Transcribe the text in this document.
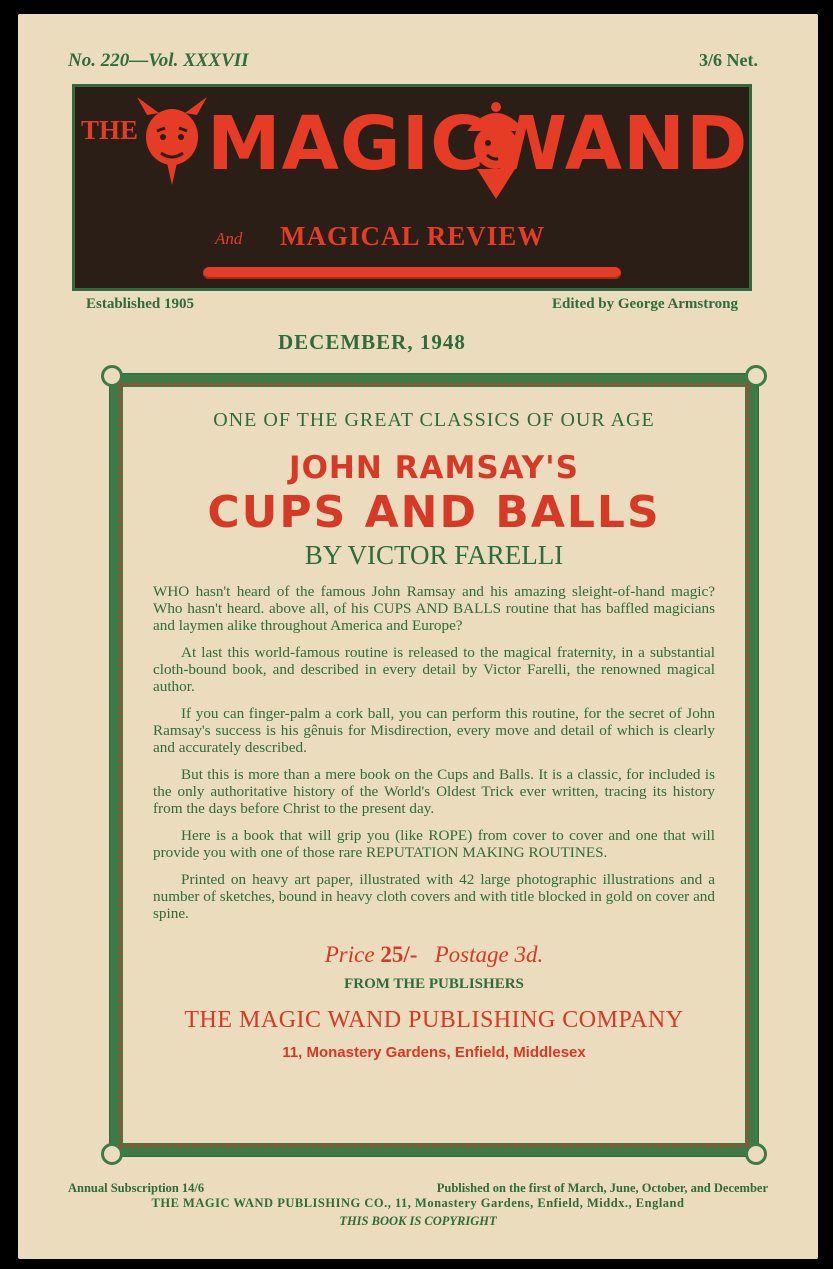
No. 220—Vol. XXXVII	3/6 Net.
THE MAGICWAND
And MAGICAL REVIEW
Established 1905	Edited by George Armstrong
DECEMBER, 1948
ONE OF THE GREAT CLASSICS OF OUR AGE
JOHN RAMSAY'S
CUPS AND BALLS
BY VICTOR FARELLI

WHO hasn't heard of the famous John Ramsay and his amazing sleight-of-hand magic? Who hasn't heard. above all, of his CUPS AND BALLS routine that has baffled magicians and laymen alike throughout America and Europe?

At last this world-famous routine is released to the magical fraternity, in a substantial cloth-bound book, and described in every detail by Victor Farelli, the renowned magical author.

If you can finger-palm a cork ball, you can perform this routine, for the secret of John Ramsay's success is his gênuis for Misdirection, every move and detail of which is clearly and accurately described.

But this is more than a mere book on the Cups and Balls. It is a classic, for included is the only authoritative history of the World's Oldest Trick ever written, tracing its history from the days before Christ to the present day.

Here is a book that will grip you (like ROPE) from cover to cover and one that will provide you with one of those rare REPUTATION MAKING ROUTINES.

Printed on heavy art paper, illustrated with 42 large photographic illustrations and a number of sketches, bound in heavy cloth covers and with title blocked in gold on cover and spine.

Price 25/- Postage 3d.
FROM THE PUBLISHERS
THE MAGIC WAND PUBLISHING COMPANY
11, Monastery Gardens, Enfield, Middlesex
Annual Subscription 14/6	Published on the first of March, June, October, and December
THE MAGIC WAND PUBLISHING CO., 11, Monastery Gardens, Enfield, Middx., England
THIS BOOK IS COPYRIGHT
